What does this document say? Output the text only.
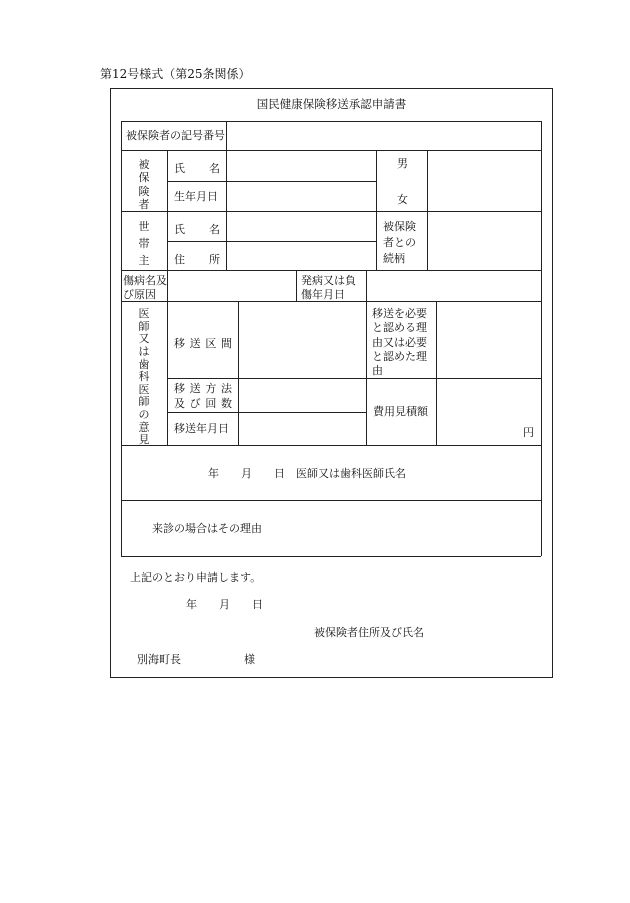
第12号様式（第25条関係）
国民健康保険移送承認申請書
被保険者の記号番号
被保険者
氏 名
生年月日
男
女
世帯主
氏 名
住 所
被保険者との続柄
傷病名及び原因
発病又は負傷年月日
医師又は歯科医師の意見
移 送 区 間
移送を必要と認める理由又は必要と認めた理由
移 送 方 法
及 び 回 数
費用見積額
円
移送年月日
年　　月　　日　医師又は歯科医師氏名
来診の場合はその理由
上記のとおり申請します。
年　　月　　日
被保険者住所及び氏名
別海町長	様
